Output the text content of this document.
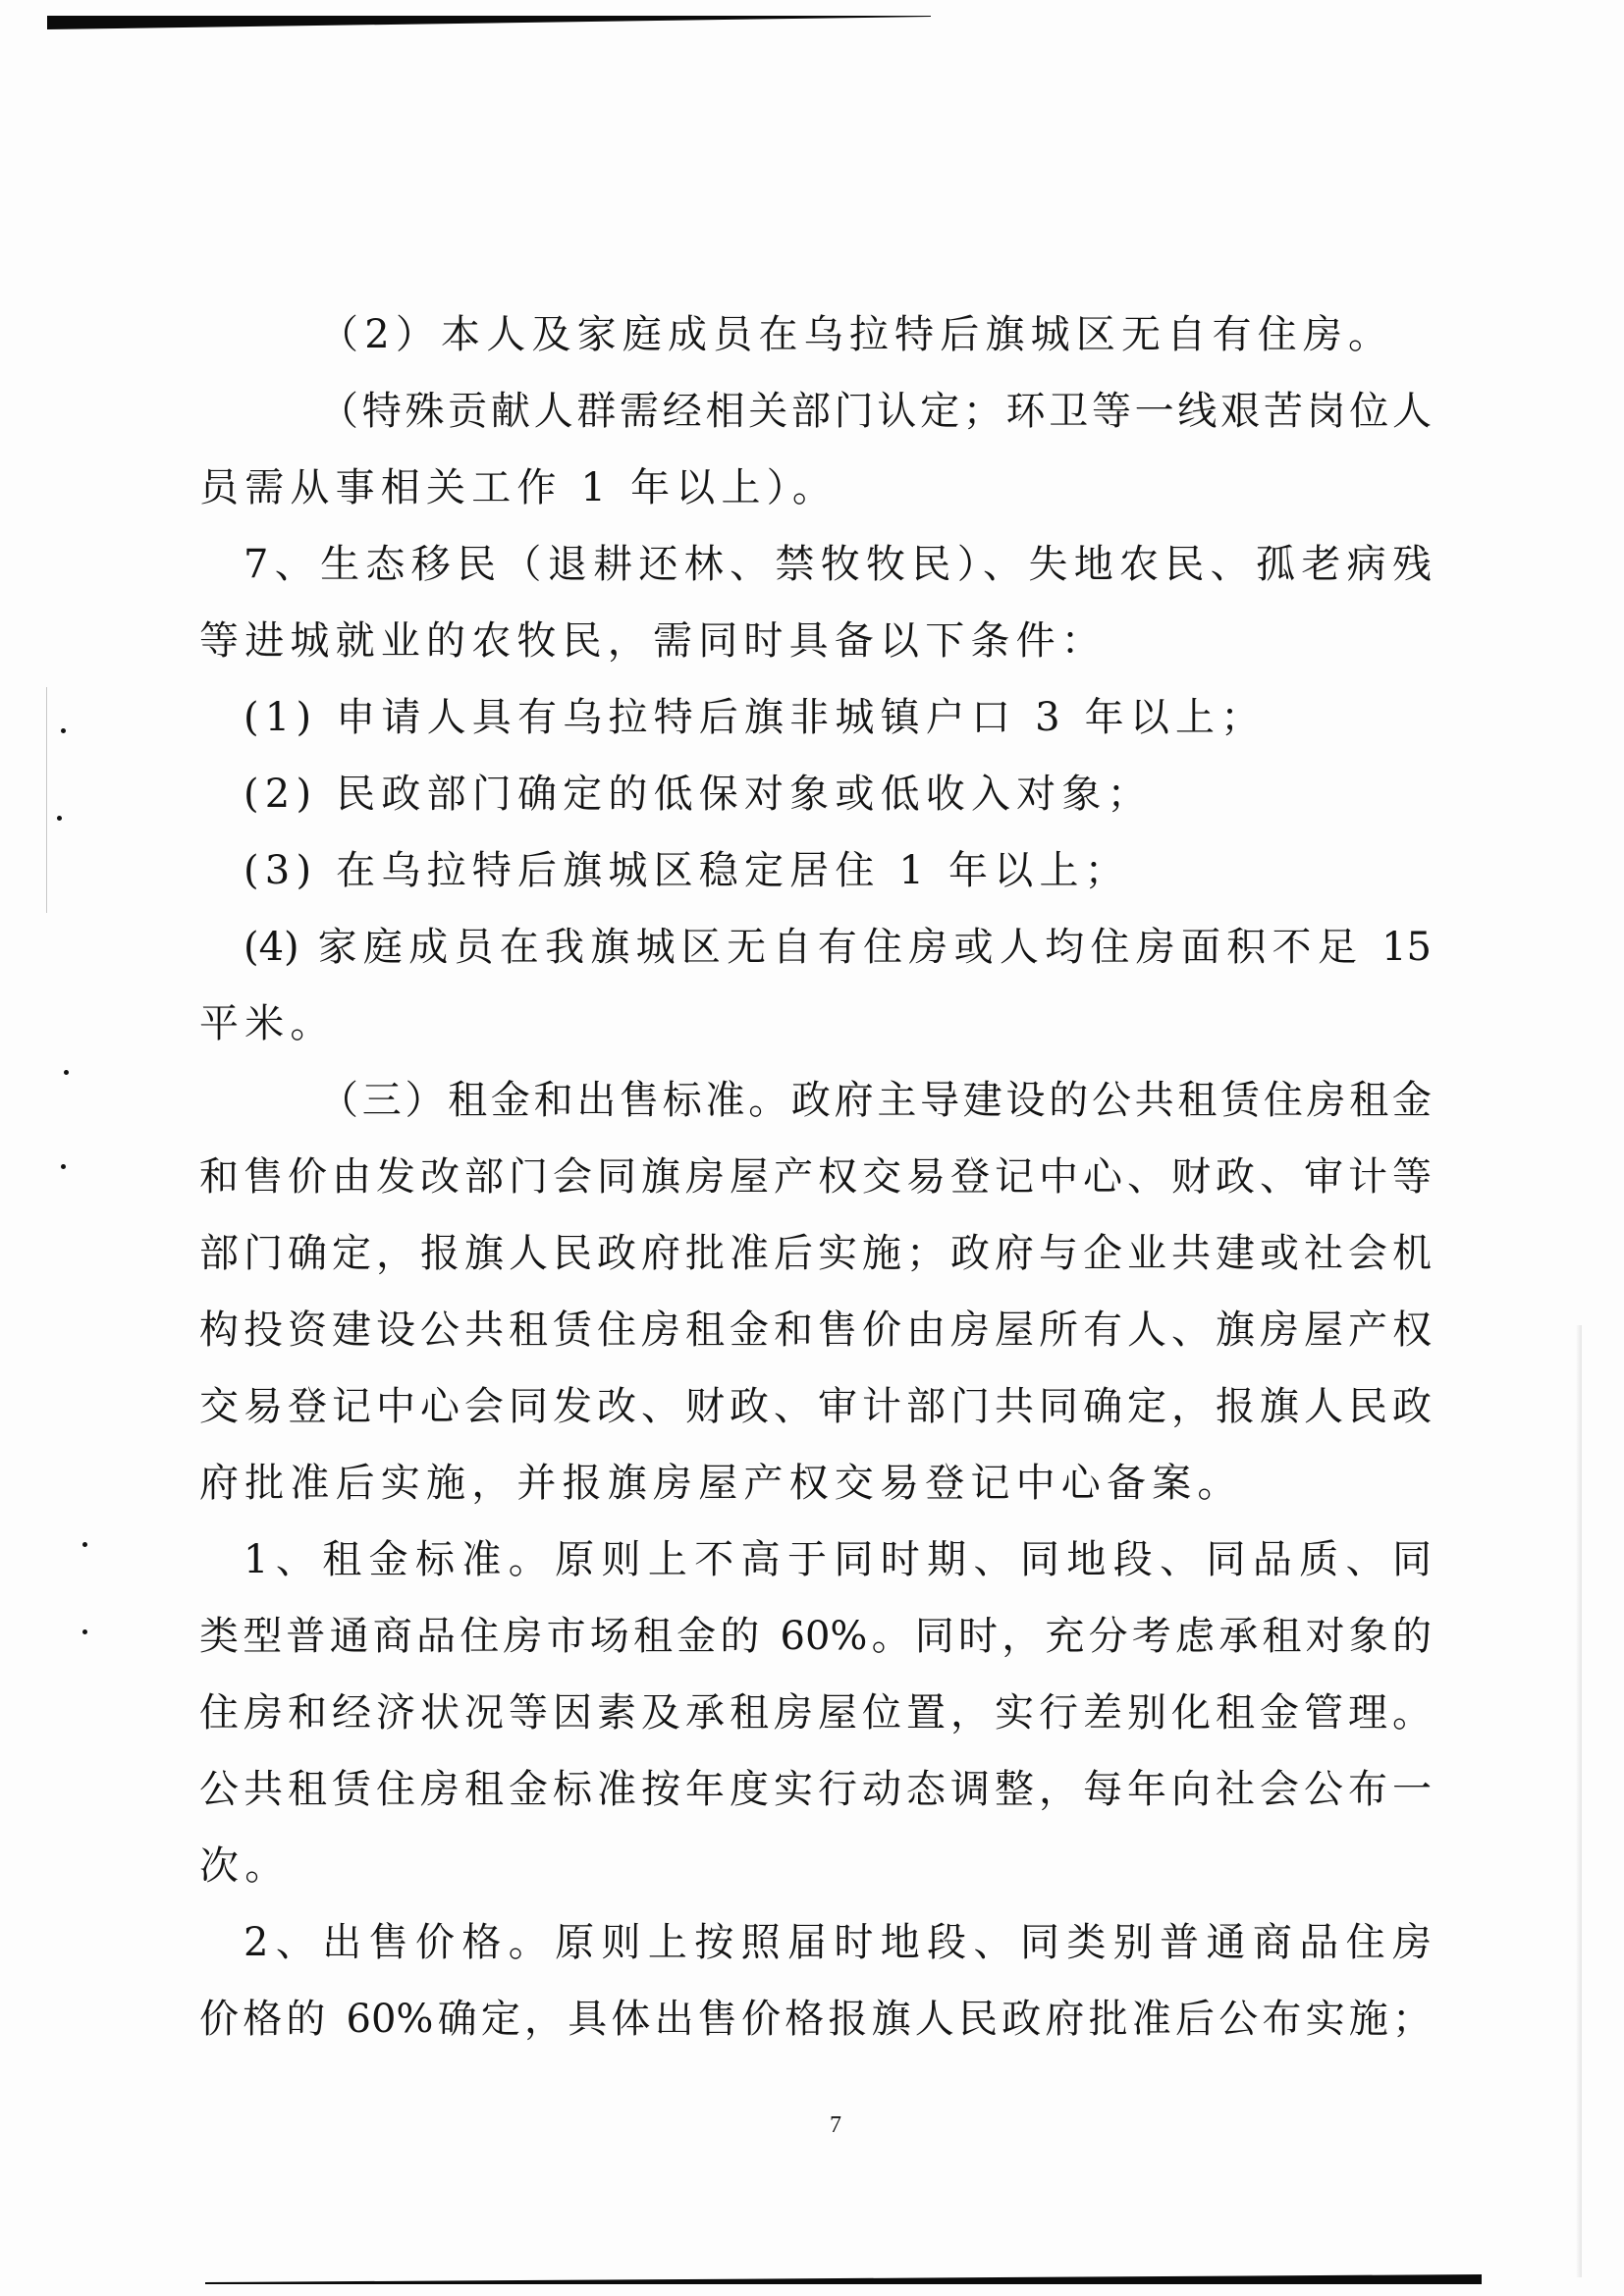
（2）本人及家庭成员在乌拉特后旗城区无自有住房。
（特殊贡献人群需经相关部门认定；环卫等一线艰苦岗位人
员需从事相关工作 1 年以上）。
7、生态移民（退耕还林、禁牧牧民）、失地农民、孤老病残
等进城就业的农牧民，需同时具备以下条件：
(1) 申请人具有乌拉特后旗非城镇户口 3 年以上；
(2) 民政部门确定的低保对象或低收入对象；
(3) 在乌拉特后旗城区稳定居住 1 年以上；
(4) 家庭成员在我旗城区无自有住房或人均住房面积不足 15
平米。
（三）租金和出售标准。政府主导建设的公共租赁住房租金
和售价由发改部门会同旗房屋产权交易登记中心、财政、审计等
部门确定，报旗人民政府批准后实施；政府与企业共建或社会机
构投资建设公共租赁住房租金和售价由房屋所有人、旗房屋产权
交易登记中心会同发改、财政、审计部门共同确定，报旗人民政
府批准后实施，并报旗房屋产权交易登记中心备案。
1、租金标准。原则上不高于同时期、同地段、同品质、同
类型普通商品住房市场租金的 60%。同时，充分考虑承租对象的
住房和经济状况等因素及承租房屋位置，实行差别化租金管理。
公共租赁住房租金标准按年度实行动态调整，每年向社会公布一
次。
2、出售价格。原则上按照届时地段、同类别普通商品住房
价格的 60%确定，具体出售价格报旗人民政府批准后公布实施；
7
